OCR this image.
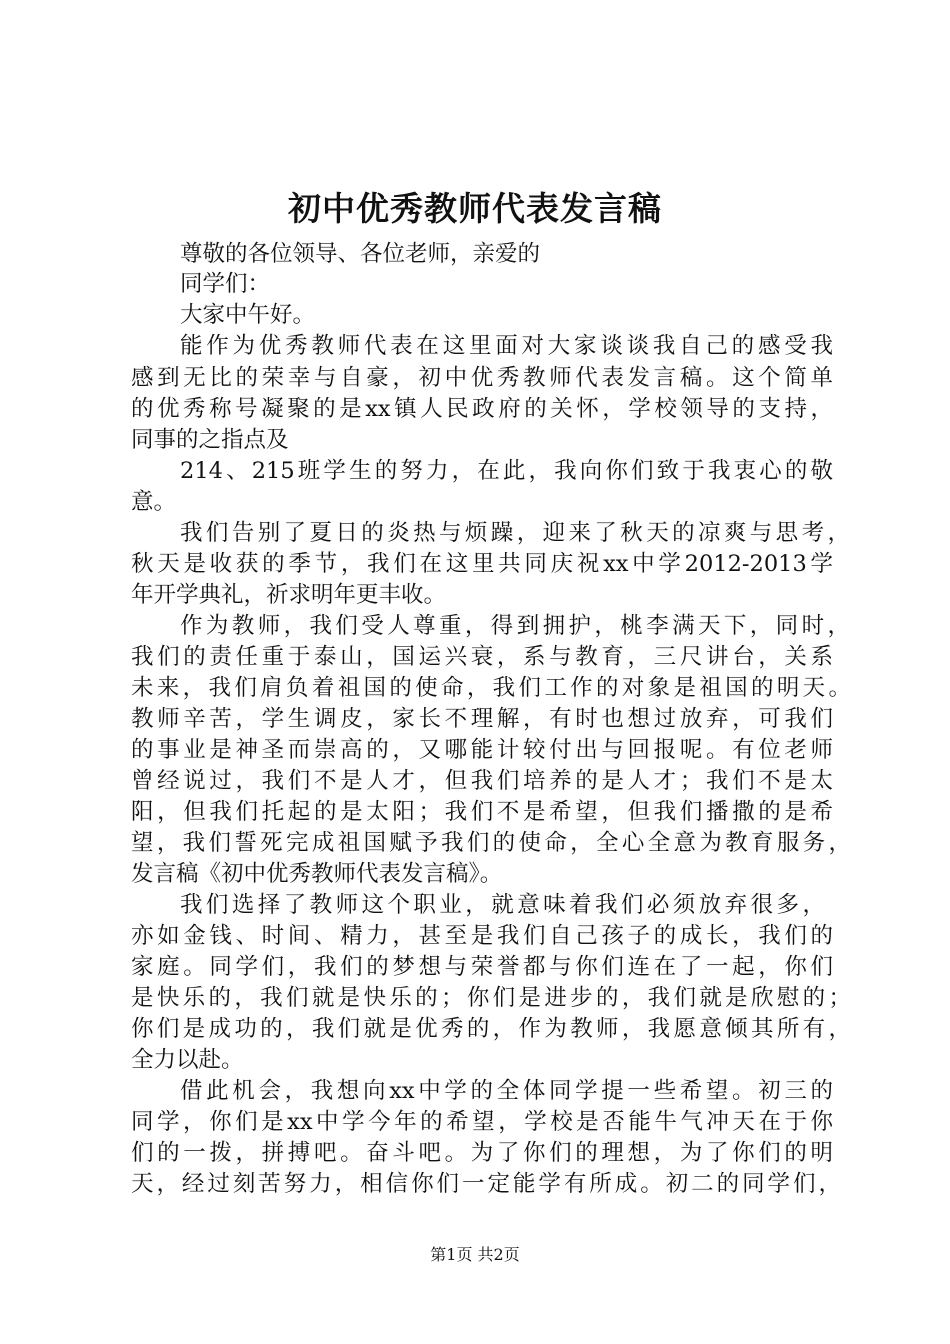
初中优秀教师代表发言稿
尊敬的各位领导、各位老师，亲爱的
同学们：
大家中午好。
能作为优秀教师代表在这里面对大家谈谈我自己的感受我
感到无比的荣幸与自豪，初中优秀教师代表发言稿。这个简单
的优秀称号凝聚的是xx镇人民政府的关怀，学校领导的支持，
同事的之指点及
214、215班学生的努力，在此，我向你们致于我衷心的敬
意。
我们告别了夏日的炎热与烦躁，迎来了秋天的凉爽与思考，
秋天是收获的季节，我们在这里共同庆祝xx中学2012-2013学
年开学典礼，祈求明年更丰收。
作为教师，我们受人尊重，得到拥护，桃李满天下，同时，
我们的责任重于泰山，国运兴衰，系与教育，三尺讲台，关系
未来，我们肩负着祖国的使命，我们工作的对象是祖国的明天。
教师辛苦，学生调皮，家长不理解，有时也想过放弃，可我们
的事业是神圣而崇高的，又哪能计较付出与回报呢。有位老师
曾经说过，我们不是人才，但我们培养的是人才；我们不是太
阳，但我们托起的是太阳；我们不是希望，但我们播撒的是希
望，我们誓死完成祖国赋予我们的使命，全心全意为教育服务，
发言稿《初中优秀教师代表发言稿》。
我们选择了教师这个职业，就意味着我们必须放弃很多，
亦如金钱、时间、精力，甚至是我们自己孩子的成长，我们的
家庭。同学们，我们的梦想与荣誉都与你们连在了一起，你们
是快乐的，我们就是快乐的；你们是进步的，我们就是欣慰的；
你们是成功的，我们就是优秀的，作为教师，我愿意倾其所有，
全力以赴。
借此机会，我想向xx中学的全体同学提一些希望。初三的
同学，你们是xx中学今年的希望，学校是否能牛气冲天在于你
们的一拨，拼搏吧。奋斗吧。为了你们的理想，为了你们的明
天，经过刻苦努力，相信你们一定能学有所成。初二的同学们，
第1页 共2页
